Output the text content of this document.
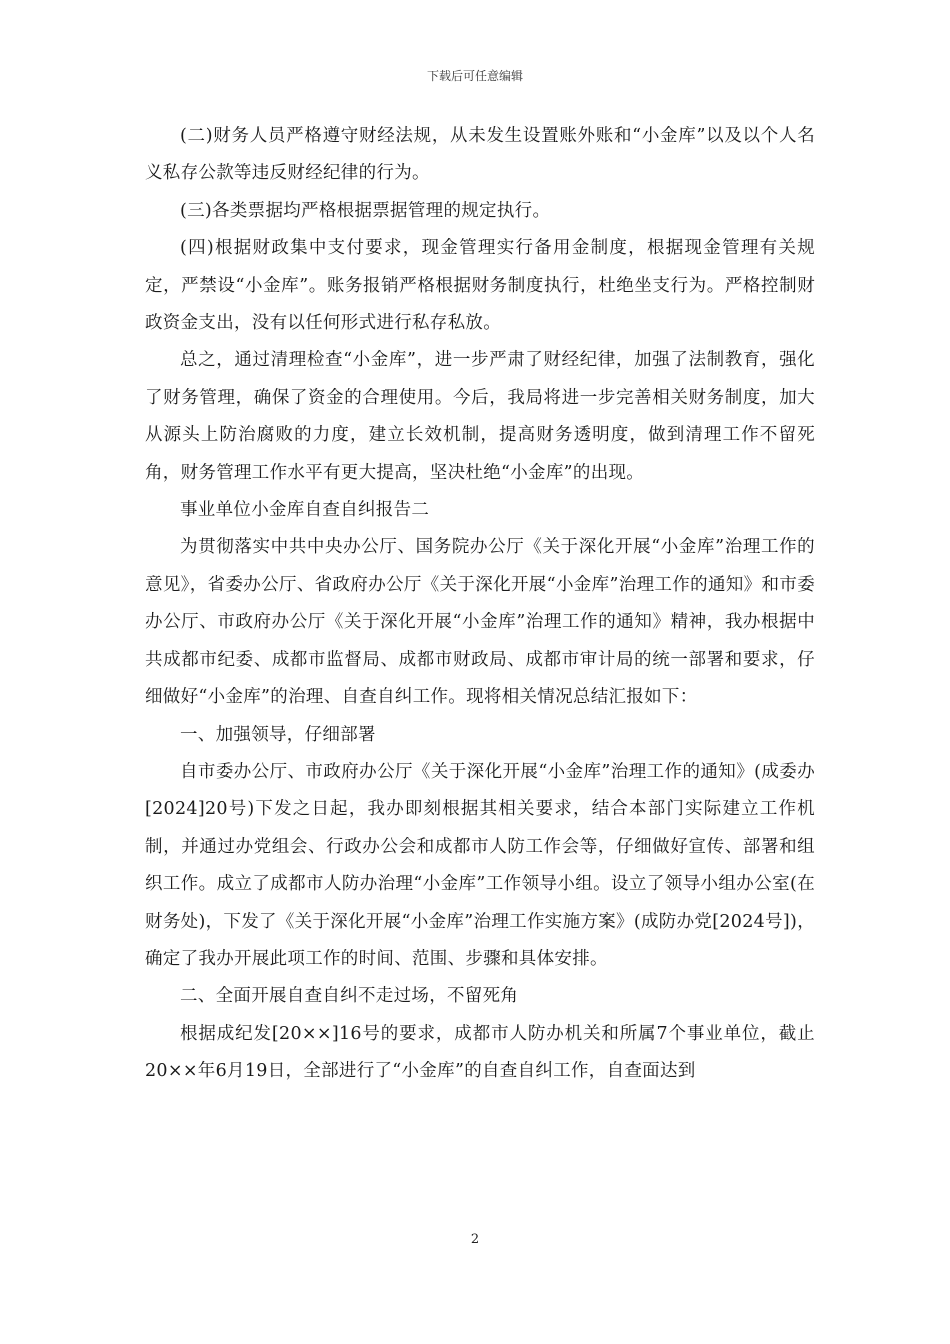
下载后可任意编辑

(二)财务人员严格遵守财经法规，从未发生设置账外账和“小金库”以及以个人名义私存公款等违反财经纪律的行为。

(三)各类票据均严格根据票据管理的规定执行。

(四)根据财政集中支付要求，现金管理实行备用金制度，根据现金管理有关规定，严禁设“小金库”。账务报销严格根据财务制度执行，杜绝坐支行为。严格控制财政资金支出，没有以任何形式进行私存私放。

总之，通过清理检查“小金库”，进一步严肃了财经纪律，加强了法制教育，强化了财务管理，确保了资金的合理使用。今后，我局将进一步完善相关财务制度，加大从源头上防治腐败的力度，建立长效机制，提高财务透明度，做到清理工作不留死角，财务管理工作水平有更大提高，坚决杜绝“小金库”的出现。

事业单位小金库自查自纠报告二

为贯彻落实中共中央办公厅、国务院办公厅《关于深化开展“小金库”治理工作的意见》，省委办公厅、省政府办公厅《关于深化开展“小金库”治理工作的通知》和市委办公厅、市政府办公厅《关于深化开展“小金库”治理工作的通知》精神，我办根据中共成都市纪委、成都市监督局、成都市财政局、成都市审计局的统一部署和要求，仔细做好“小金库”的治理、自查自纠工作。现将相关情况总结汇报如下：

一、加强领导，仔细部署

自市委办公厅、市政府办公厅《关于深化开展“小金库”治理工作的通知》(成委办[2024]20号)下发之日起，我办即刻根据其相关要求，结合本部门实际建立工作机制，并通过办党组会、行政办公会和成都市人防工作会等，仔细做好宣传、部署和组织工作。成立了成都市人防办治理“小金库”工作领导小组。设立了领导小组办公室(在财务处)，下发了《关于深化开展“小金库”治理工作实施方案》(成防办党[2024号])，确定了我办开展此项工作的时间、范围、步骤和具体安排。

二、全面开展自查自纠不走过场，不留死角

根据成纪发[20××]16号的要求，成都市人防办机关和所属7个事业单位，截止20××年6月19日，全部进行了“小金库”的自查自纠工作，自查面达到

2
